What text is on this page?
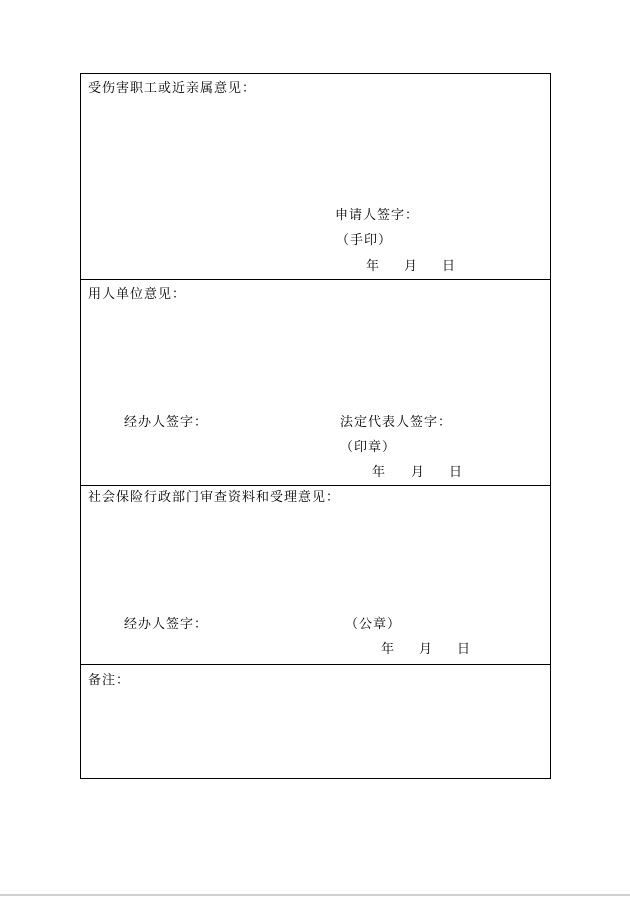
受伤害职工或近亲属意见：
申请人签字：
（手印）
年 月 日
用人单位意见：
经办人签字：	法定代表人签字：
（印章）
年 月 日
社会保险行政部门审查资料和受理意见：
经办人签字：	（公章）
年 月 日
备注：
